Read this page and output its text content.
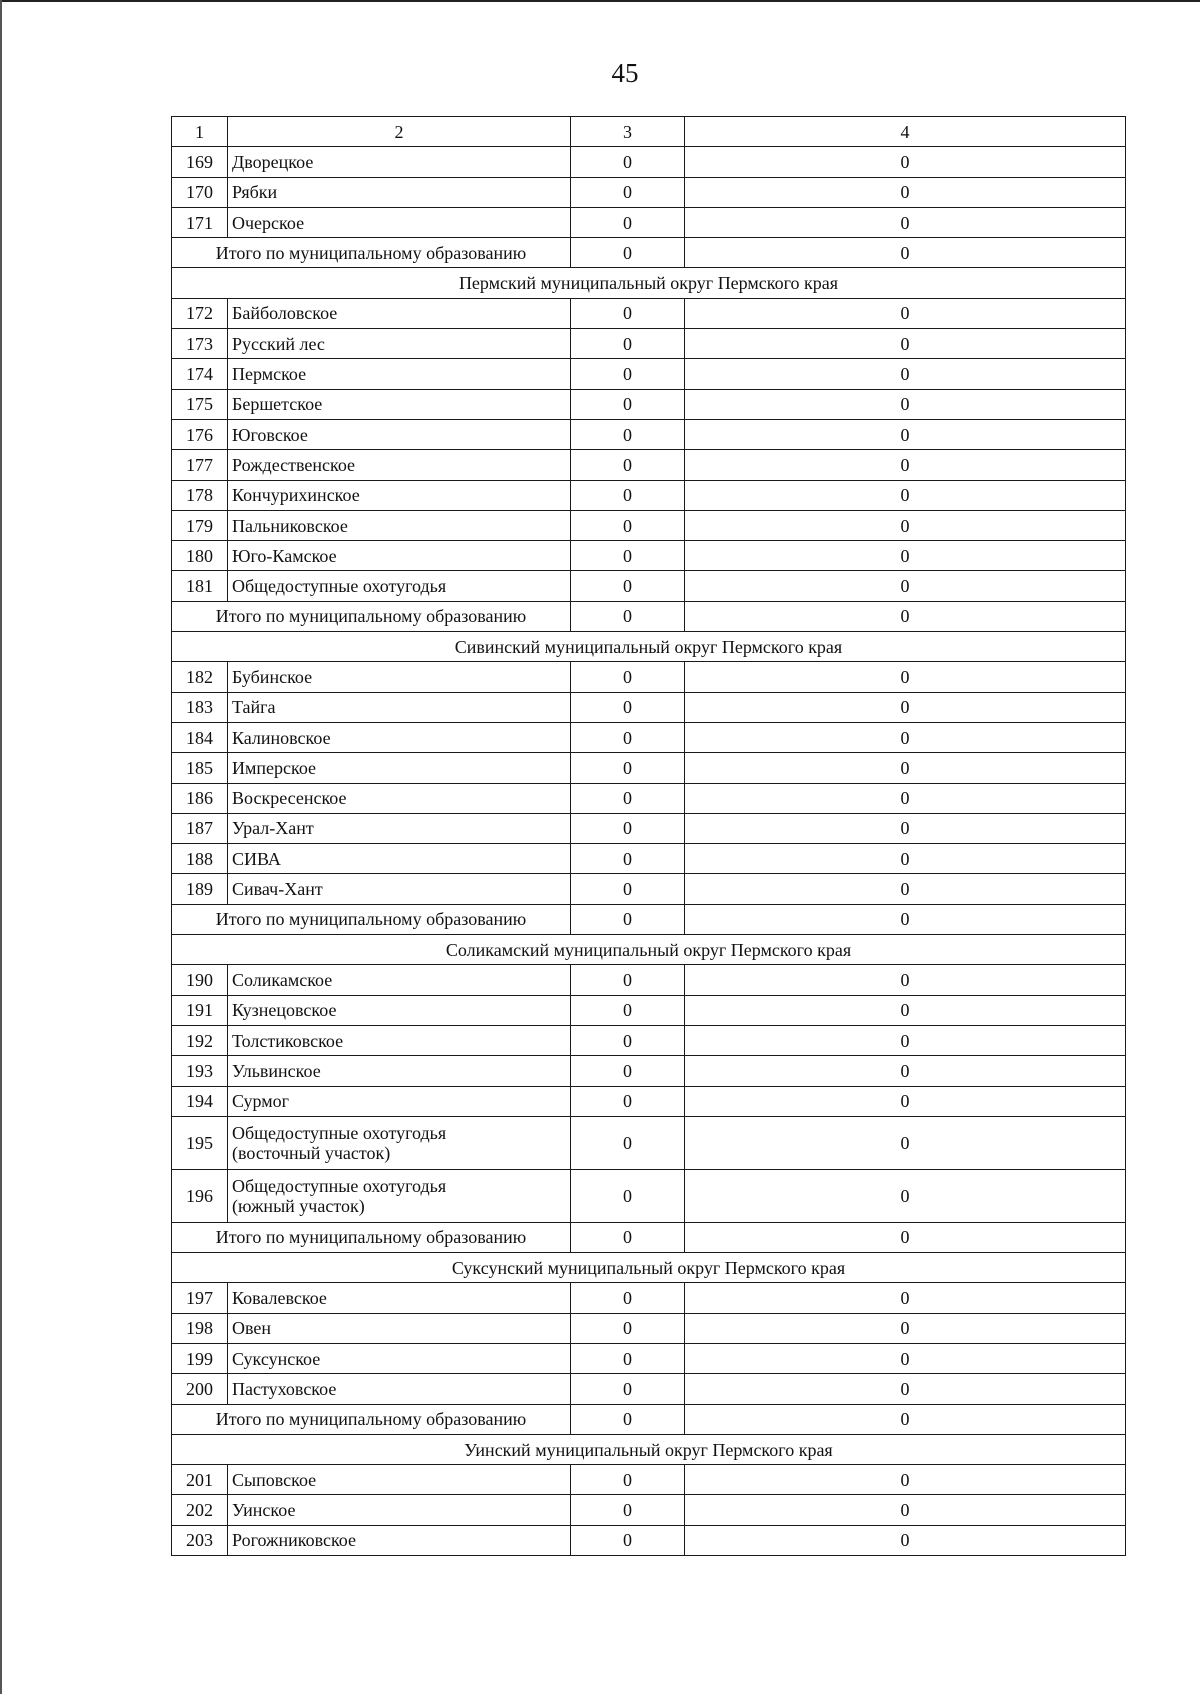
45
1	2	3	4
169	Дворецкое	0	0
170	Рябки	0	0
171	Очерское	0	0
Итого по муниципальному образованию		0	0
Пермский муниципальный округ Пермского края			
172	Байболовское	0	0
173	Русский лес	0	0
174	Пермское	0	0
175	Бершетское	0	0
176	Юговское	0	0
177	Рождественское	0	0
178	Кончурихинское	0	0
179	Пальниковское	0	0
180	Юго-Камское	0	0
181	Общедоступные охотугодья	0	0
Итого по муниципальному образованию		0	0
Сивинский муниципальный округ Пермского края			
182	Бубинское	0	0
183	Тайга	0	0
184	Калиновское	0	0
185	Имперское	0	0
186	Воскресенское	0	0
187	Урал-Хант	0	0
188	СИВА	0	0
189	Сивач-Хант	0	0
Итого по муниципальному образованию		0	0
Соликамский муниципальный округ Пермского края			
190	Соликамское	0	0
191	Кузнецовское	0	0
192	Толстиковское	0	0
193	Ульвинское	0	0
194	Сурмог	0	0
195	Общедоступные охотугодья
(восточный участок)	0	0
196	Общедоступные охотугодья
(южный участок)	0	0
Итого по муниципальному образованию		0	0
Суксунский муниципальный округ Пермского края			
197	Ковалевское	0	0
198	Овен	0	0
199	Суксунское	0	0
200	Пастуховское	0	0
Итого по муниципальному образованию		0	0
Уинский муниципальный округ Пермского края			
201	Сыповское	0	0
202	Уинское	0	0
203	Рогожниковское	0	0
